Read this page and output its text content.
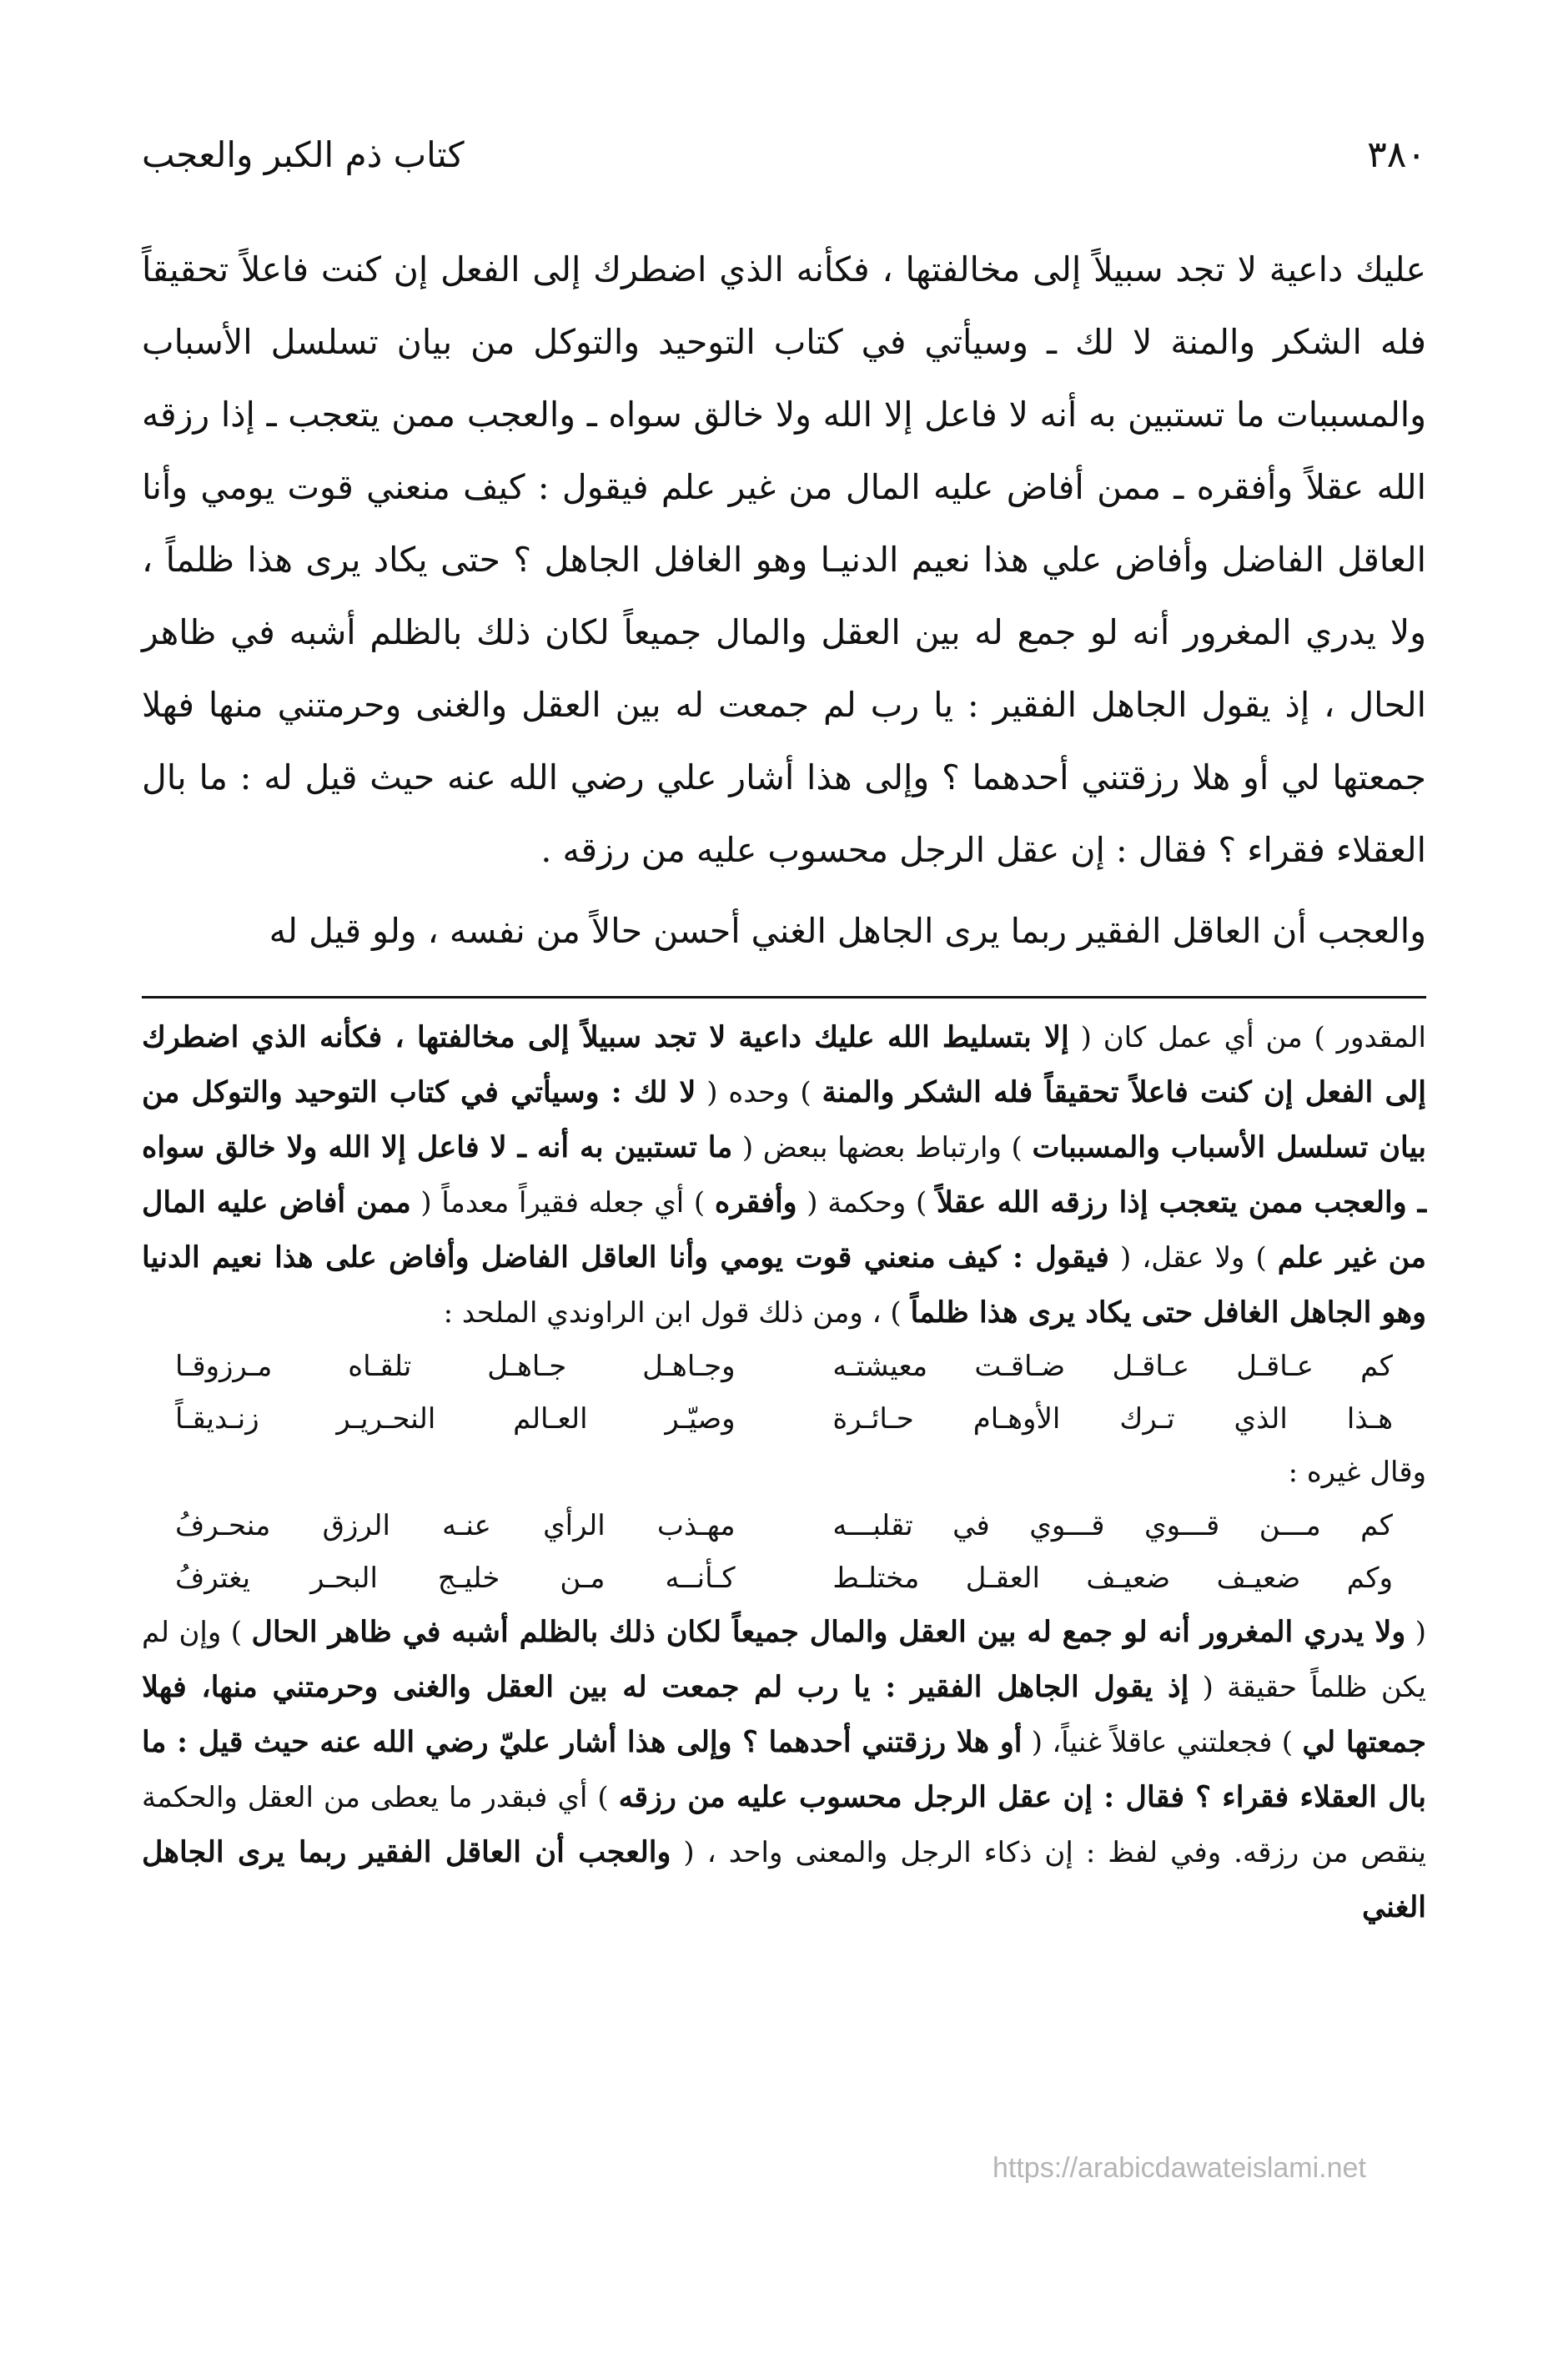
٣٨٠
كتاب ذم الكبر والعجب

عليك داعية لا تجد سبيلاً إلى مخالفتها ، فكأنه الذي اضطرك إلى الفعل إن كنت فاعلاً تحقيقاً فله الشكر والمنة لا لك ـ وسيأتي في كتاب التوحيد والتوكل من بيان تسلسل الأسباب والمسببات ما تستبين به أنه لا فاعل إلا الله ولا خالق سواه ـ والعجب ممن يتعجب ـ إذا رزقه الله عقلاً وأفقره ـ ممن أفاض عليه المال من غير علم فيقول : كيف منعني قوت يومي وأنا العاقل الفاضل وأفاض علي هذا نعيم الدنيـا وهو الغافل الجاهل ؟ حتى يكاد يرى هذا ظلماً ، ولا يدري المغرور أنه لو جمع له بين العقل والمال جميعاً لكان ذلك بالظلم أشبه في ظاهر الحال ، إذ يقول الجاهل الفقير : يا رب لم جمعت له بين العقل والغنى وحرمتني منها فهلا جمعتها لي أو هلا رزقتني أحدهما ؟ وإلى هذا أشار علي رضي الله عنه حيث قيل له : ما بال العقلاء فقراء ؟ فقال : إن عقل الرجل محسوب عليه من رزقه .

والعجب أن العاقل الفقير ربما يرى الجاهل الغني أحسن حالاً من نفسه ، ولو قيل له

المقدور ) من أي عمل كان ( إلا بتسليط الله عليك داعية لا تجد سبيلاً إلى مخالفتها ، فكأنه الذي اضطرك إلى الفعل إن كنت فاعلاً تحقيقاً فله الشكر والمنة ) وحده ( لا لك : وسيأتي في كتاب التوحيد والتوكل من بيان تسلسل الأسباب والمسببات ) وارتباط بعضها ببعض ( ما تستبين به أنه ـ لا فاعل إلا الله ولا خالق سواه ـ والعجب ممن يتعجب إذا رزقه الله عقلاً ) وحكمة ( وأفقره ) أي جعله فقيراً معدماً ( ممن أفاض عليه المال من غير علم ) ولا عقل، ( فيقول : كيف منعني قوت يومي وأنا العاقل الفاضل وأفاض على هذا نعيم الدنيا وهو الجاهل الغافل حتى يكاد يرى هذا ظلماً ) ، ومن ذلك قول ابن الراوندي الملحد :

كم عـاقـل عـاقـل ضـاقـت معيشتـه
وجـاهـل جـاهـل تلقـاه مـرزوقـا
هـذا الذي تـرك الأوهـام حـائـرة
وصيّـر العـالم النحـريـر زنـديقـاً

وقال غيره :

كم مـــن قـــوي قـــوي في تقلبـــه
مهـذب الرأي عنـه الرزق منحـرفُ
وكم ضعيـف ضعيـف العقـل مختلـط
كـأنــه مـن خليـج البحـر يغترفُ

( ولا يدري المغرور أنه لو جمع له بين العقل والمال جميعاً لكان ذلك بالظلم أشبه في ظاهر الحال ) وإن لم يكن ظلماً حقيقة ( إذ يقول الجاهل الفقير : يا رب لم جمعت له بين العقل والغنى وحرمتني منها، فهلا جمعتها لي ) فجعلتني عاقلاً غنياً، ( أو هلا رزقتني أحدهما ؟ وإلى هذا أشار عليّ رضي الله عنه حيث قيل : ما بال العقلاء فقراء ؟ فقال : إن عقل الرجل محسوب عليه من رزقه ) أي فبقدر ما يعطى من العقل والحكمة ينقص من رزقه. وفي لفظ : إن ذكاء الرجل والمعنى واحد ، ( والعجب أن العاقل الفقير ربما يرى الجاهل الغني

https://arabicdawateislami.net
